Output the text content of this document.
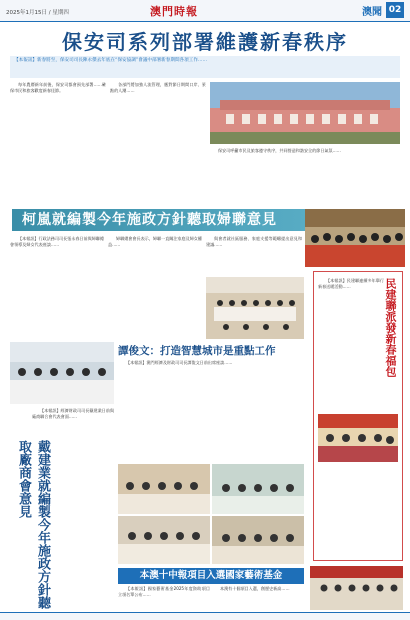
2025年1月15日 / 星期四	澳門時報	澳聞 02
保安司系列部署維護新春秩序
【本報訊】新春將至，保安司司長陳永傑去年底在“保安協調”會議中部署新春期間各項工作……

每年農曆新年前後，保安司都會預先部署……確保市民和旅客歡度新春佳節。

各部門將加強人流管理，應對節日期間口岸、景點的人潮……

保安司呼籲市民及旅客遵守秩序，共同營造和諧安全的節日氣氛……

柯嵐就編製今年施政方針聽取婦聯意見

【本報訊】行政法務司司長張永春日前與婦聯總會領導及婦女代表座談……

婦聯總會會長表示，婦聯一直關注家庭及婦女權益……

與會者就社區服務、家庭支援等範疇提出意見和建議……

民建聯派發新春福包

【本報訊】民建聯連續多年舉行新春送暖活動……

譚俊文：打造智慧城市是重點工作

【本報訊】澳門經濟及財政司司長譚俊文日前出席座談……

戴建業就編製今年施政方針聽取廠商會意見

【本報訊】經濟財政司司長戴建業日前與廠商聯合會代表會面……

本澳十中報項目入選國家藝術基金

【本報訊】國家藝術基金2025年度資助項目立項名單公布……

本澳有十個項目入選，創歷史新高……
